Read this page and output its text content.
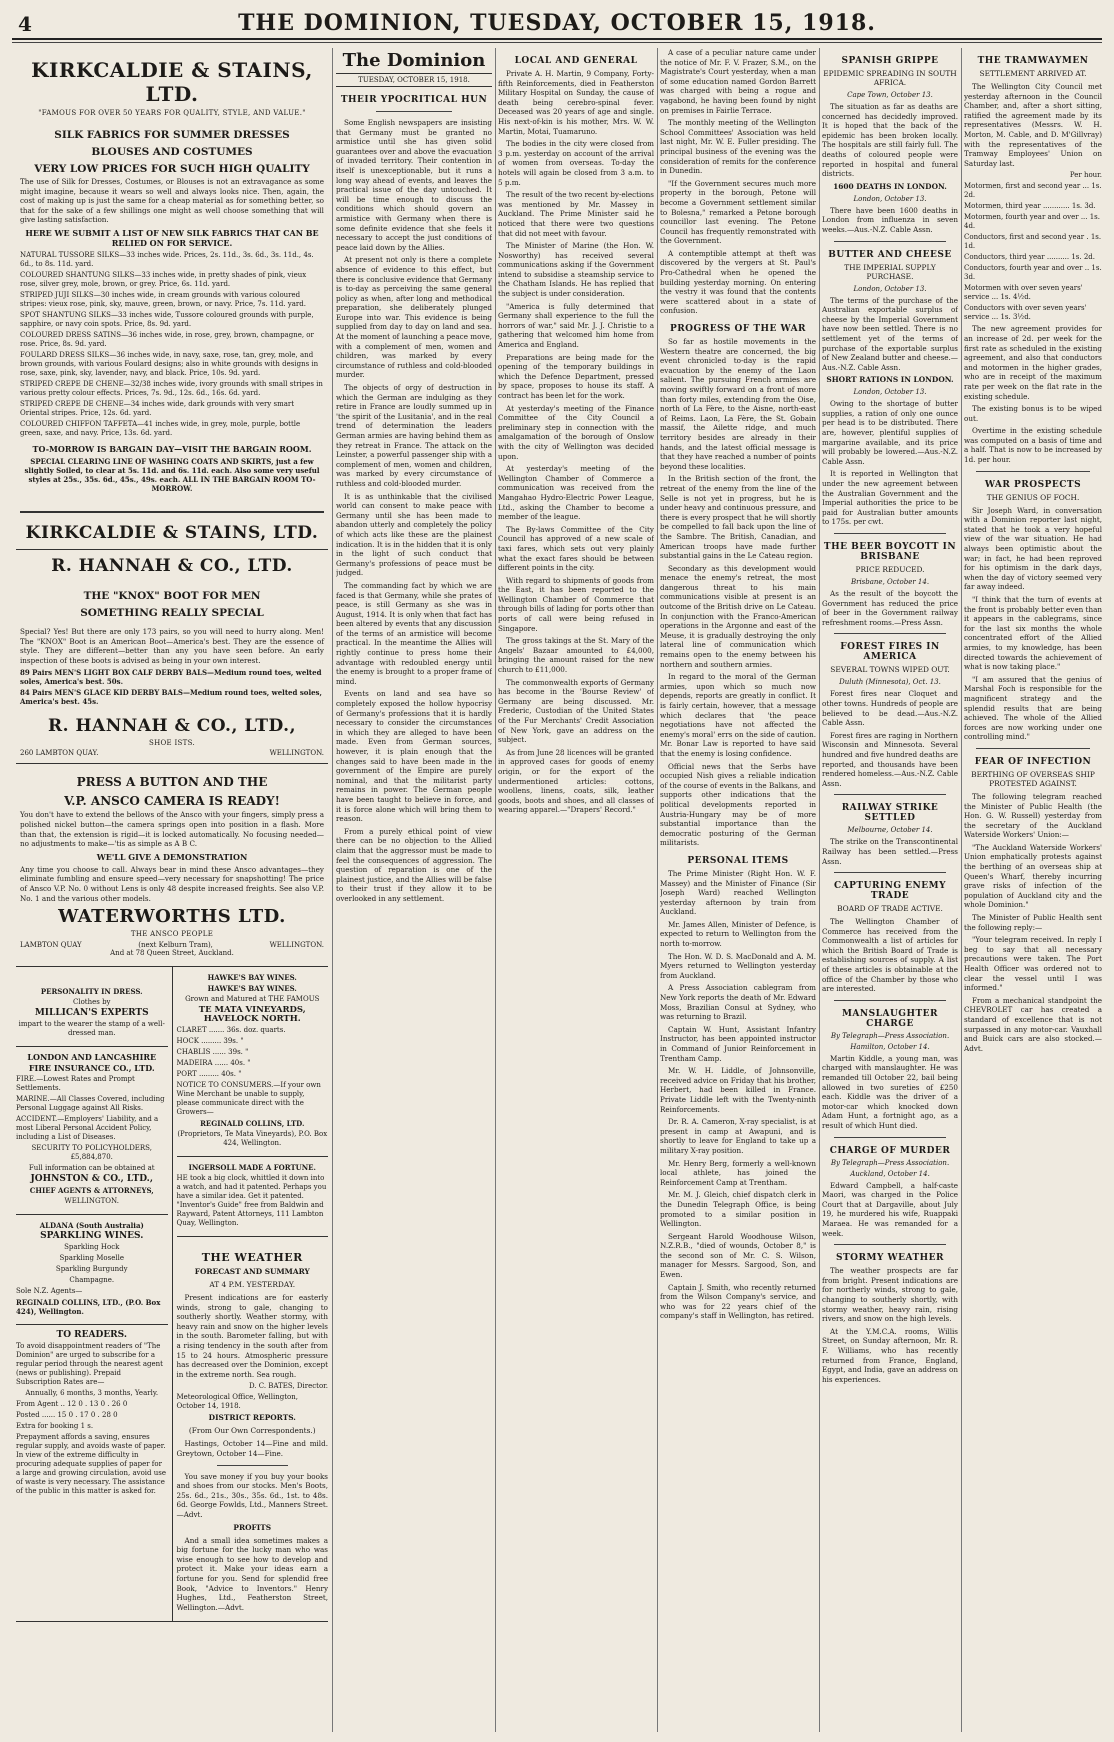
4	THE DOMINION, TUESDAY, OCTOBER 15, 1918.
KIRKCALDIE & STAINS, LTD.
"FAMOUS FOR OVER 50 YEARS FOR QUALITY, STYLE, AND VALUE."
SILK FABRICS FOR SUMMER DRESSES
BLOUSES AND COSTUMES
VERY LOW PRICES FOR SUCH HIGH QUALITY

The use of Silk for Dresses, Costumes, or Blouses is not an extravagance as some might imagine, because it wears so well and always looks nice. Then, again, the cost of making up is just the same for a cheap material as for something better, so that for the sake of a few shillings one might as well choose something that will give lasting satisfaction.

HERE WE SUBMIT A LIST OF NEW SILK FABRICS THAT CAN BE RELIED ON FOR SERVICE.

NATURAL TUSSORE SILKS—33 inches wide. Prices, 2s. 11d., 3s. 6d., 3s. 11d., 4s. 6d., to 8s. 11d. yard.

COLOURED SHANTUNG SILKS—33 inches wide, in pretty shades of pink, vieux rose, silver grey, mole, brown, or grey. Price, 6s. 11d. yard.

STRIPED JUJI SILKS—30 inches wide, in cream grounds with various coloured stripes: vieux rose, pink, sky, mauve, green, brown, or navy. Price, 7s. 11d. yard.

SPOT SHANTUNG SILKS—33 inches wide, Tussore coloured grounds with purple, sapphire, or navy coin spots. Price, 8s. 9d. yard.

COLOURED DRESS SATINS—36 inches wide, in rose, grey, brown, champagne, or rose. Price, 8s. 9d. yard.

FOULARD DRESS SILKS—36 inches wide, in navy, saxe, rose, tan, grey, mole, and brown grounds, with various Foulard designs; also in white grounds with designs in rose, saxe, pink, sky, lavender, navy, and black. Price, 10s. 9d. yard.

STRIPED CREPE DE CHENE—32/38 inches wide, ivory grounds with small stripes in various pretty colour effects. Prices, 7s. 9d., 12s. 6d., 16s. 6d. yard.

STRIPED CREPE DE CHENE—34 inches wide, dark grounds with very smart Oriental stripes. Price, 12s. 6d. yard.

COLOURED CHIFFON TAFFETA—41 inches wide, in grey, mole, purple, bottle green, saxe, and navy. Price, 13s. 6d. yard.

TO-MORROW IS BARGAIN DAY—VISIT THE BARGAIN ROOM.

SPECIAL CLEARING LINE OF WASHING COATS AND SKIRTS, just a few slightly Soiled, to clear at 5s. 11d. and 6s. 11d. each. Also some very useful styles at 25s., 35s. 6d., 45s., 49s. each. ALL IN THE BARGAIN ROOM TO-MORROW.

KIRKCALDIE & STAINS, LTD.
R. HANNAH & CO., LTD.
THE "KNOX" BOOT FOR MEN
SOMETHING REALLY SPECIAL

Special? Yes! But there are only 173 pairs, so you will need to hurry along. Men! The "KNOX" Boot is an American Boot—America's best. They are the essence of style. They are different—better than any you have seen before. An early inspection of these boots is advised as being in your own interest.

89 Pairs MEN'S LIGHT BOX CALF DERBY BALS—Medium round toes, welted soles, America's best. 50s.

84 Pairs MEN'S GLACE KID DERBY BALS—Medium round toes, welted soles, America's best. 45s.

R. HANNAH & CO., LTD.,
SHOE ISTS.
260 LAMBTON QUAY.	WELLINGTON.
PRESS A BUTTON AND THE
V.P. ANSCO CAMERA IS READY!

You don't have to extend the bellows of the Ansco with your fingers, simply press a polished nickel button—the camera springs open into position in a flash. More than that, the extension is rigid—it is locked automatically. No focusing needed—no adjustments to make—'tis as simple as A B C.

WE'LL GIVE A DEMONSTRATION

Any time you choose to call. Always bear in mind these Ansco advantages—they eliminate fumbling and ensure speed—very necessary for snapshotting! The price of Ansco V.P. No. 0 without Lens is only 48 despite increased freights. See also V.P. No. 1 and the various other models.

WATERWORTHS LTD.
THE ANSCO PEOPLE
LAMBTON QUAY	(next Kelburn Tram),	WELLINGTON.
And at 78 Queen Street, Auckland.
PERSONALITY IN DRESS.
Clothes by
MILLICAN'S EXPERTS
impart to the wearer the stamp of a well-dressed man.
LONDON AND LANCASHIRE
FIRE INSURANCE CO., LTD.

FIRE.—Lowest Rates and Prompt Settlements.

MARINE.—All Classes Covered, including Personal Luggage against All Risks.

ACCIDENT.—Employers' Liability, and a most Liberal Personal Accident Policy, including a List of Diseases.

SECURITY TO POLICYHOLDERS, £5,884,870.

Full information can be obtained at

JOHNSTON & CO., LTD.,
CHIEF AGENTS & ATTORNEYS,
WELLINGTON.
ALDANA (South Australia)
SPARKLING WINES.

Sparkling Hock

Sparkling Moselle

Sparkling Burgundy

Champagne.

Sole N.Z. Agents—
REGINALD COLLINS, LTD., (P.O. Box 424), Wellington.
TO READERS.

To avoid disappointment readers of "The Dominion" are urged to subscribe for a regular period through the nearest agent (news or publishing). Prepaid Subscription Rates are—

Annually, 6 months, 3 months, Yearly.

From Agent .. 12 0 . 13 0 . 26 0

Posted ...... 15 0 . 17 0 . 28 0

Extra for booking 1 s.

Prepayment affords a saving, ensures regular supply, and avoids waste of paper. In view of the extreme difficulty in procuring adequate supplies of paper for a large and growing circulation, avoid use of waste is very necessary. The assistance of the public in this matter is asked for.

HAWKE'S BAY WINES.
HAWKE'S BAY WINES.
Grown and Matured at THE FAMOUS
TE MATA VINEYARDS, HAVELOCK NORTH.

CLARET ....... 36s. doz. quarts.

HOCK ......... 39s. "

CHABLIS ...... 39s. "

MADEIRA ...... 40s. "

PORT ......... 40s. "

NOTICE TO CONSUMERS.—If your own Wine Merchant be unable to supply, please communicate direct with the Growers—

REGINALD COLLINS, LTD.
(Proprietors, Te Mata Vineyards), P.O. Box 424, Wellington.
INGERSOLL MADE A FORTUNE.

HE took a big clock, whittled it down into a watch, and had it patented. Perhaps you have a similar idea. Get it patented. "Inventor's Guide" free from Baldwin and Rayward, Patent Attorneys, 111 Lambton Quay, Wellington.

THE WEATHER
FORECAST AND SUMMARY
AT 4 P.M. YESTERDAY.

Present indications are for easterly winds, strong to gale, changing to southerly shortly. Weather stormy, with heavy rain and snow on the higher levels in the south. Barometer falling, but with a rising tendency in the south after from 15 to 24 hours. Atmospheric pressure has decreased over the Dominion, except in the extreme north. Sea rough.

D. C. BATES, Director.

Meteorological Office, Wellington, October 14, 1918.

DISTRICT REPORTS.
(From Our Own Correspondents.)

Hastings, October 14—Fine and mild. Greytown, October 14—Fine.

You save money if you buy your books and shoes from our stocks. Men's Boots, 25s. 6d., 21s., 30s., 35s. 6d., 1st. to 48s. 6d. George Fowlds, Ltd., Manners Street.—Advt.

PROFITS

And a small idea sometimes makes a big fortune for the lucky man who was wise enough to see how to develop and protect it. Make your ideas earn a fortune for you. Send for splendid free Book, "Advice to Inventors." Henry Hughes, Ltd., Featherston Street, Wellington.—Advt.

The Dominion
TUESDAY, OCTOBER 15, 1918.
THEIR YPOCRITICAL HUN

Some English newspapers are insisting that Germany must be granted no armistice until she has given solid guarantees over and above the evacuation of invaded territory. Their contention in itself is unexceptionable, but it runs a long way ahead of events, and leaves the practical issue of the day untouched. It will be time enough to discuss the conditions which should govern an armistice with Germany when there is some definite evidence that she feels it necessary to accept the just conditions of peace laid down by the Allies.

At present not only is there a complete absence of evidence to this effect, but there is conclusive evidence that Germany is to-day as perceiving the same general policy as when, after long and methodical preparation, she deliberately plunged Europe into war. This evidence is being supplied from day to day on land and sea. At the moment of launching a peace move, with a complement of men, women and children, was marked by every circumstance of ruthless and cold-blooded murder.

The objects of orgy of destruction in which the German are indulging as they retire in France are loudly summed up in 'the spirit of the Lusitania', and in the real trend of determination the leaders German armies are having behind them as they retreat in France. The attack on the Leinster, a powerful passenger ship with a complement of men, women and children, was marked by every circumstance of ruthless and cold-blooded murder.

It is as unthinkable that the civilised world can consent to make peace with Germany until she has been made to abandon utterly and completely the policy of which acts like these are the plainest indication. It is in the hidden that it is only in the light of such conduct that Germany's professions of peace must be judged.

The commanding fact by which we are faced is that Germany, while she prates of peace, is still Germany as she was in August, 1914. It is only when that fact has been altered by events that any discussion of the terms of an armistice will become practical. In the meantime the Allies will rightly continue to press home their advantage with redoubled energy until the enemy is brought to a proper frame of mind.

Events on land and sea have so completely exposed the hollow hypocrisy of Germany's professions that it is hardly necessary to consider the circumstances in which they are alleged to have been made. Even from German sources, however, it is plain enough that the changes said to have been made in the government of the Empire are purely nominal, and that the militarist party remains in power. The German people have been taught to believe in force, and it is force alone which will bring them to reason.

From a purely ethical point of view there can be no objection to the Allied claim that the aggressor must be made to feel the consequences of aggression. The question of reparation is one of the plainest justice, and the Allies will be false to their trust if they allow it to be overlooked in any settlement.

LOCAL AND GENERAL

Private A. H. Martin, 9 Company, Forty-fifth Reinforcements, died in Featherston Military Hospital on Sunday, the cause of death being cerebro-spinal fever. Deceased was 20 years of age and single. His next-of-kin is his mother, Mrs. W. W. Martin, Motai, Tuamaruno.

The bodies in the city were closed from 3 p.m. yesterday on account of the arrival of women from overseas. To-day the hotels will again be closed from 3 a.m. to 5 p.m.

The result of the two recent by-elections was mentioned by Mr. Massey in Auckland. The Prime Minister said he noticed that there were two questions that did not meet with favour.

The Minister of Marine (the Hon. W. Nosworthy) has received several communications asking if the Government intend to subsidise a steamship service to the Chatham Islands. He has replied that the subject is under consideration.

"America is fully determined that Germany shall experience to the full the horrors of war," said Mr. J. J. Christie to a gathering that welcomed him home from America and England.

Preparations are being made for the opening of the temporary buildings in which the Defence Department, pressed by space, proposes to house its staff. A contract has been let for the work.

At yesterday's meeting of the Finance Committee of the City Council a preliminary step in connection with the amalgamation of the borough of Onslow with the city of Wellington was decided upon.

At yesterday's meeting of the Wellington Chamber of Commerce a communication was received from the Mangahao Hydro-Electric Power League, Ltd., asking the Chamber to become a member of the league.

The By-laws Committee of the City Council has approved of a new scale of taxi fares, which sets out very plainly what the exact fares should be between different points in the city.

With regard to shipments of goods from the East, it has been reported to the Wellington Chamber of Commerce that through bills of lading for ports other than ports of call were being refused in Singapore.

The gross takings at the St. Mary of the Angels' Bazaar amounted to £4,000, bringing the amount raised for the new church to £11,000.

The commonwealth exports of Germany has become in the 'Bourse Review' of Germany are being discussed. Mr. Frederic, Custodian of the United States of the Fur Merchants' Credit Association of New York, gave an address on the subject.

As from June 28 licences will be granted in approved cases for goods of enemy origin, or for the export of the undermentioned articles: cottons, woollens, linens, coats, silk, leather goods, boots and shoes, and all classes of wearing apparel.—"Drapers' Record."

A case of a peculiar nature came under the notice of Mr. F. V. Frazer, S.M., on the Magistrate's Court yesterday, when a man of some education named Gordon Barrett was charged with being a rogue and vagabond, he having been found by night on premises in Fairlie Terrace.

The monthly meeting of the Wellington School Committees' Association was held last night, Mr. W. E. Fuller presiding. The principal business of the evening was the consideration of remits for the conference in Dunedin.

"If the Government secures much more property in the borough, Petone will become a Government settlement similar to Bolesna," remarked a Petone borough councillor last evening. The Petone Council has frequently remonstrated with the Government.

A contemptible attempt at theft was discovered by the vergers at St. Paul's Pro-Cathedral when he opened the building yesterday morning. On entering the vestry it was found that the contents were scattered about in a state of confusion.

PROGRESS OF THE WAR

So far as hostile movements in the Western theatre are concerned, the big event chronicled to-day is the rapid evacuation by the enemy of the Laon salient. The pursuing French armies are moving swiftly forward on a front of more than forty miles, extending from the Oise, north of La Fère, to the Aisne, north-east of Reims. Laon, La Fère, the St. Gobain massif, the Ailette ridge, and much territory besides are already in their hands, and the latest official message is that they have reached a number of points beyond these localities.

In the British section of the front, the retreat of the enemy from the line of the Selle is not yet in progress, but he is under heavy and continuous pressure, and there is every prospect that he will shortly be compelled to fall back upon the line of the Sambre. The British, Canadian, and American troops have made further substantial gains in the Le Cateau region.

Secondary as this development would menace the enemy's retreat, the most dangerous threat to his main communications visible at present is an outcome of the British drive on Le Cateau. In conjunction with the Franco-American operations in the Argonne and east of the Meuse, it is gradually destroying the only lateral line of communication which remains open to the enemy between his northern and southern armies.

In regard to the moral of the German armies, upon which so much now depends, reports are greatly in conflict. It is fairly certain, however, that a message which declares that 'the peace negotiations have not affected the enemy's moral' errs on the side of caution. Mr. Bonar Law is reported to have said that the enemy is losing confidence.

Official news that the Serbs have occupied Nish gives a reliable indication of the course of events in the Balkans, and supports other indications that the political developments reported in Austria-Hungary may be of more substantial importance than the democratic posturing of the German militarists.

PERSONAL ITEMS

The Prime Minister (Right Hon. W. F. Massey) and the Minister of Finance (Sir Joseph Ward) reached Wellington yesterday afternoon by train from Auckland.

Mr. James Allen, Minister of Defence, is expected to return to Wellington from the north to-morrow.

The Hon. W. D. S. MacDonald and A. M. Myers returned to Wellington yesterday from Auckland.

A Press Association cablegram from New York reports the death of Mr. Edward Moss, Brazilian Consul at Sydney, who was returning to Brazil.

Captain W. Hunt, Assistant Infantry Instructor, has been appointed instructor in Command of Junior Reinforcement in Trentham Camp.

Mr. W. H. Liddle, of Johnsonville, received advice on Friday that his brother, Herbert, had been killed in France. Private Liddle left with the Twenty-ninth Reinforcements.

Dr. R. A. Cameron, X-ray specialist, is at present in camp at Awapuni, and is shortly to leave for England to take up a military X-ray position.

Mr. Henry Berg, formerly a well-known local athlete, has joined the Reinforcement Camp at Trentham.

Mr. M. J. Gleich, chief dispatch clerk in the Dunedin Telegraph Office, is being promoted to a similar position in Wellington.

Sergeant Harold Woodhouse Wilson, N.Z.R.B., "died of wounds, October 8," is the second son of Mr. C. S. Wilson, manager for Messrs. Sargood, Son, and Ewen.

Captain J. Smith, who recently returned from the Wilson Company's service, and who was for 22 years chief of the company's staff in Wellington, has retired.

SPANISH GRIPPE
EPIDEMIC SPREADING IN SOUTH AFRICA.
Cape Town, October 13.

The situation as far as deaths are concerned has decidedly improved. It is hoped that the back of the epidemic has been broken locally. The hospitals are still fairly full. The deaths of coloured people were reported in hospital and funeral districts.

1600 DEATHS IN LONDON.
London, October 13.

There have been 1600 deaths in London from influenza in seven weeks.—Aus.-N.Z. Cable Assn.

BUTTER AND CHEESE
THE IMPERIAL SUPPLY PURCHASE.
London, October 13.

The terms of the purchase of the Australian exportable surplus of cheese by the Imperial Government have now been settled. There is no settlement yet of the terms of purchase of the exportable surplus of New Zealand butter and cheese.—Aus.-N.Z. Cable Assn.

SHORT RATIONS IN LONDON.
London, October 13.

Owing to the shortage of butter supplies, a ration of only one ounce per head is to be distributed. There are, however, plentiful supplies of margarine available, and its price will probably be lowered.—Aus.-N.Z. Cable Assn.

It is reported in Wellington that under the new agreement between the Australian Government and the Imperial authorities the price to be paid for Australian butter amounts to 175s. per cwt.

THE BEER BOYCOTT IN BRISBANE
PRICE REDUCED.
Brisbane, October 14.

As the result of the boycott the Government has reduced the price of beer in the Government railway refreshment rooms.—Press Assn.

FOREST FIRES IN AMERICA
SEVERAL TOWNS WIPED OUT.
Duluth (Minnesota), Oct. 13.

Forest fires near Cloquet and other towns. Hundreds of people are believed to be dead.—Aus.-N.Z. Cable Assn.

Forest fires are raging in Northern Wisconsin and Minnesota. Several hundred and five hundred deaths are reported, and thousands have been rendered homeless.—Aus.-N.Z. Cable Assn.

RAILWAY STRIKE SETTLED
Melbourne, October 14.

The strike on the Transcontinental Railway has been settled.—Press Assn.

CAPTURING ENEMY TRADE
BOARD OF TRADE ACTIVE.

The Wellington Chamber of Commerce has received from the Commonwealth a list of articles for which the British Board of Trade is establishing sources of supply. A list of these articles is obtainable at the office of the Chamber by those who are interested.

MANSLAUGHTER CHARGE
By Telegraph—Press Association.
Hamilton, October 14.

Martin Kiddle, a young man, was charged with manslaughter. He was remanded till October 22, bail being allowed in two sureties of £250 each. Kiddle was the driver of a motor-car which knocked down Adam Hunt, a fortnight ago, as a result of which Hunt died.

CHARGE OF MURDER
By Telegraph—Press Association.
Auckland, October 14.

Edward Campbell, a half-caste Maori, was charged in the Police Court that at Dargaville, about July 19, he murdered his wife, Ruappaki Maraea. He was remanded for a week.

STORMY WEATHER

The weather prospects are far from bright. Present indications are for northerly winds, strong to gale, changing to southerly shortly, with stormy weather, heavy rain, rising rivers, and snow on the high levels.

At the Y.M.C.A. rooms, Willis Street, on Sunday afternoon, Mr. R. F. Williams, who has recently returned from France, England, Egypt, and India, gave an address on his experiences.

THE TRAMWAYMEN
SETTLEMENT ARRIVED AT.

The Wellington City Council met yesterday afternoon in the Council Chamber, and, after a short sitting, ratified the agreement made by its representatives (Messrs. W. H. Morton, M. Cable, and D. M'Gillvray) with the representatives of the Tramway Employees' Union on Saturday last.

Per hour.

Motormen, first and second year ... 1s. 2d.

Motormen, third year ............ 1s. 3d.

Motormen, fourth year and over ... 1s. 4d.

Conductors, first and second year . 1s. 1d.

Conductors, third year .......... 1s. 2d.

Conductors, fourth year and over .. 1s. 3d.

Motormen with over seven years' service ... 1s. 4½d.

Conductors with over seven years' service ... 1s. 3½d.

The new agreement provides for an increase of 2d. per week for the first rate as scheduled in the existing agreement, and also that conductors and motormen in the higher grades, who are in receipt of the maximum rate per week on the flat rate in the existing schedule.

The existing bonus is to be wiped out.

Overtime in the existing schedule was computed on a basis of time and a half. That is now to be increased by 1d. per hour.

WAR PROSPECTS
THE GENIUS OF FOCH.

Sir Joseph Ward, in conversation with a Dominion reporter last night, stated that he took a very hopeful view of the war situation. He had always been optimistic about the war; in fact, he had been reproved for his optimism in the dark days, when the day of victory seemed very far away indeed.

"I think that the turn of events at the front is probably better even than it appears in the cablegrams, since for the last six months the whole concentrated effort of the Allied armies, to my knowledge, has been directed towards the achievement of what is now taking place."

"I am assured that the genius of Marshal Foch is responsible for the magnificent strategy and the splendid results that are being achieved. The whole of the Allied forces are now working under one controlling mind."

FEAR OF INFECTION
BERTHING OF OVERSEAS SHIP PROTESTED AGAINST.

The following telegram reached the Minister of Public Health (the Hon. G. W. Russell) yesterday from the secretary of the Auckland Waterside Workers' Union:—

"The Auckland Waterside Workers' Union emphatically protests against the berthing of an overseas ship at Queen's Wharf, thereby incurring grave risks of infection of the population of Auckland city and the whole Dominion."

The Minister of Public Health sent the following reply:—

"Your telegram received. In reply I beg to say that all necessary precautions were taken. The Port Health Officer was ordered not to clear the vessel until I was informed."

From a mechanical standpoint the CHEVROLET car has created a standard of excellence that is not surpassed in any motor-car. Vauxhall and Buick cars are also stocked.—Advt.
